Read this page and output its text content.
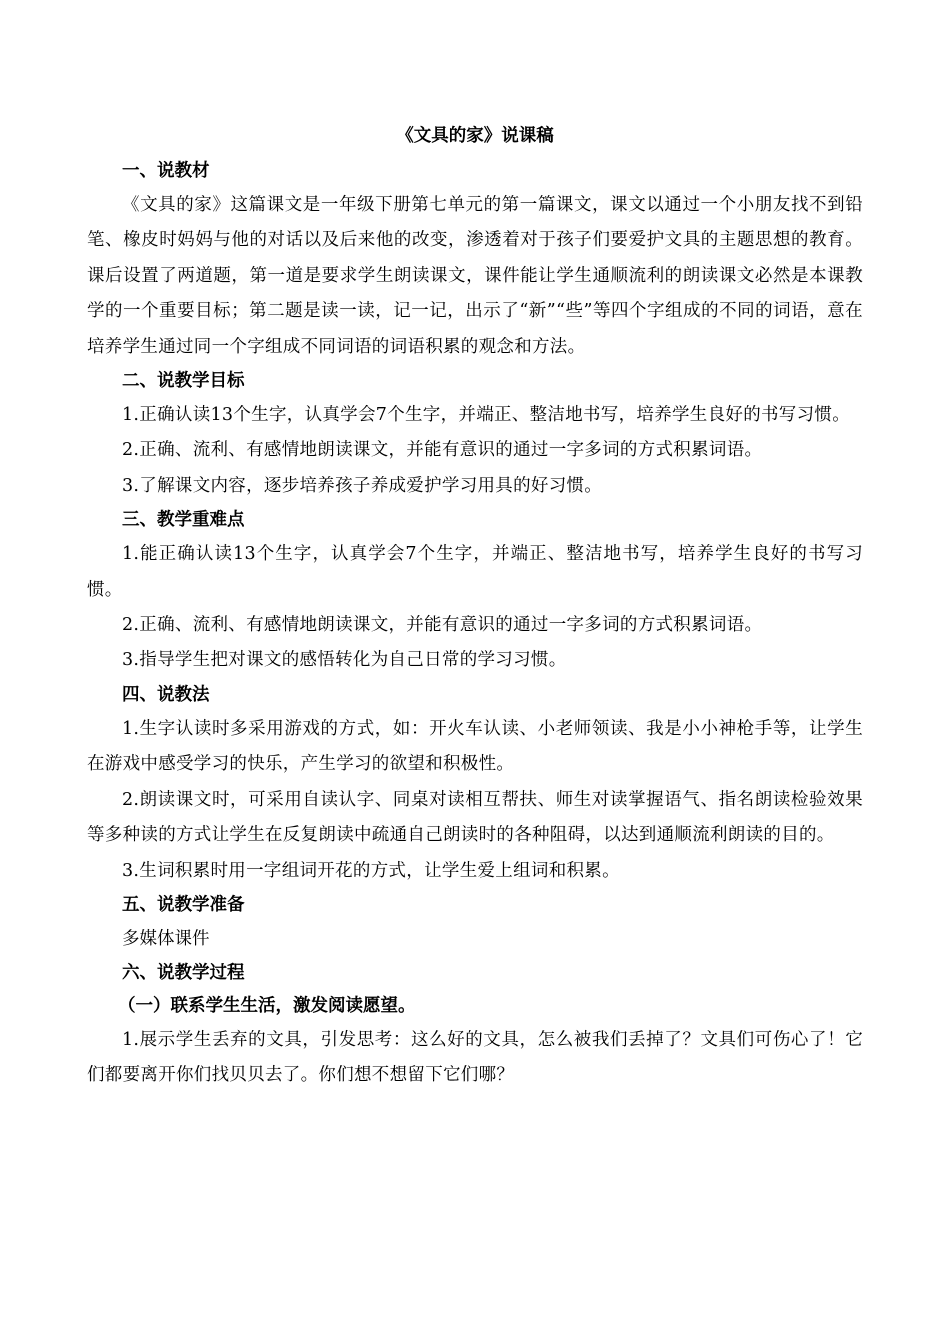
《文具的家》说课稿

一、说教材

《文具的家》这篇课文是一年级下册第七单元的第一篇课文，课文以通过一个小朋友找不到铅笔、橡皮时妈妈与他的对话以及后来他的改变，渗透着对于孩子们要爱护文具的主题思想的教育。课后设置了两道题，第一道是要求学生朗读课文，课件能让学生通顺流利的朗读课文必然是本课教学的一个重要目标；第二题是读一读，记一记，出示了“新”“些”等四个字组成的不同的词语，意在培养学生通过同一个字组成不同词语的词语积累的观念和方法。

二、说教学目标

1.正确认读13个生字，认真学会7个生字，并端正、整洁地书写，培养学生良好的书写习惯。

2.正确、流利、有感情地朗读课文，并能有意识的通过一字多词的方式积累词语。

3.了解课文内容，逐步培养孩子养成爱护学习用具的好习惯。

三、教学重难点

1.能正确认读13个生字，认真学会7个生字，并端正、整洁地书写，培养学生良好的书写习惯。

2.正确、流利、有感情地朗读课文，并能有意识的通过一字多词的方式积累词语。

3.指导学生把对课文的感悟转化为自己日常的学习习惯。

四、说教法

1.生字认读时多采用游戏的方式，如：开火车认读、小老师领读、我是小小神枪手等，让学生在游戏中感受学习的快乐，产生学习的欲望和积极性。

2.朗读课文时，可采用自读认字、同桌对读相互帮扶、师生对读掌握语气、指名朗读检验效果等多种读的方式让学生在反复朗读中疏通自己朗读时的各种阻碍，以达到通顺流利朗读的目的。

3.生词积累时用一字组词开花的方式，让学生爱上组词和积累。

五、说教学准备

多媒体课件

六、说教学过程

（一）联系学生生活，激发阅读愿望。

1.展示学生丢弃的文具，引发思考：这么好的文具，怎么被我们丢掉了？文具们可伤心了！它们都要离开你们找贝贝去了。你们想不想留下它们哪？
